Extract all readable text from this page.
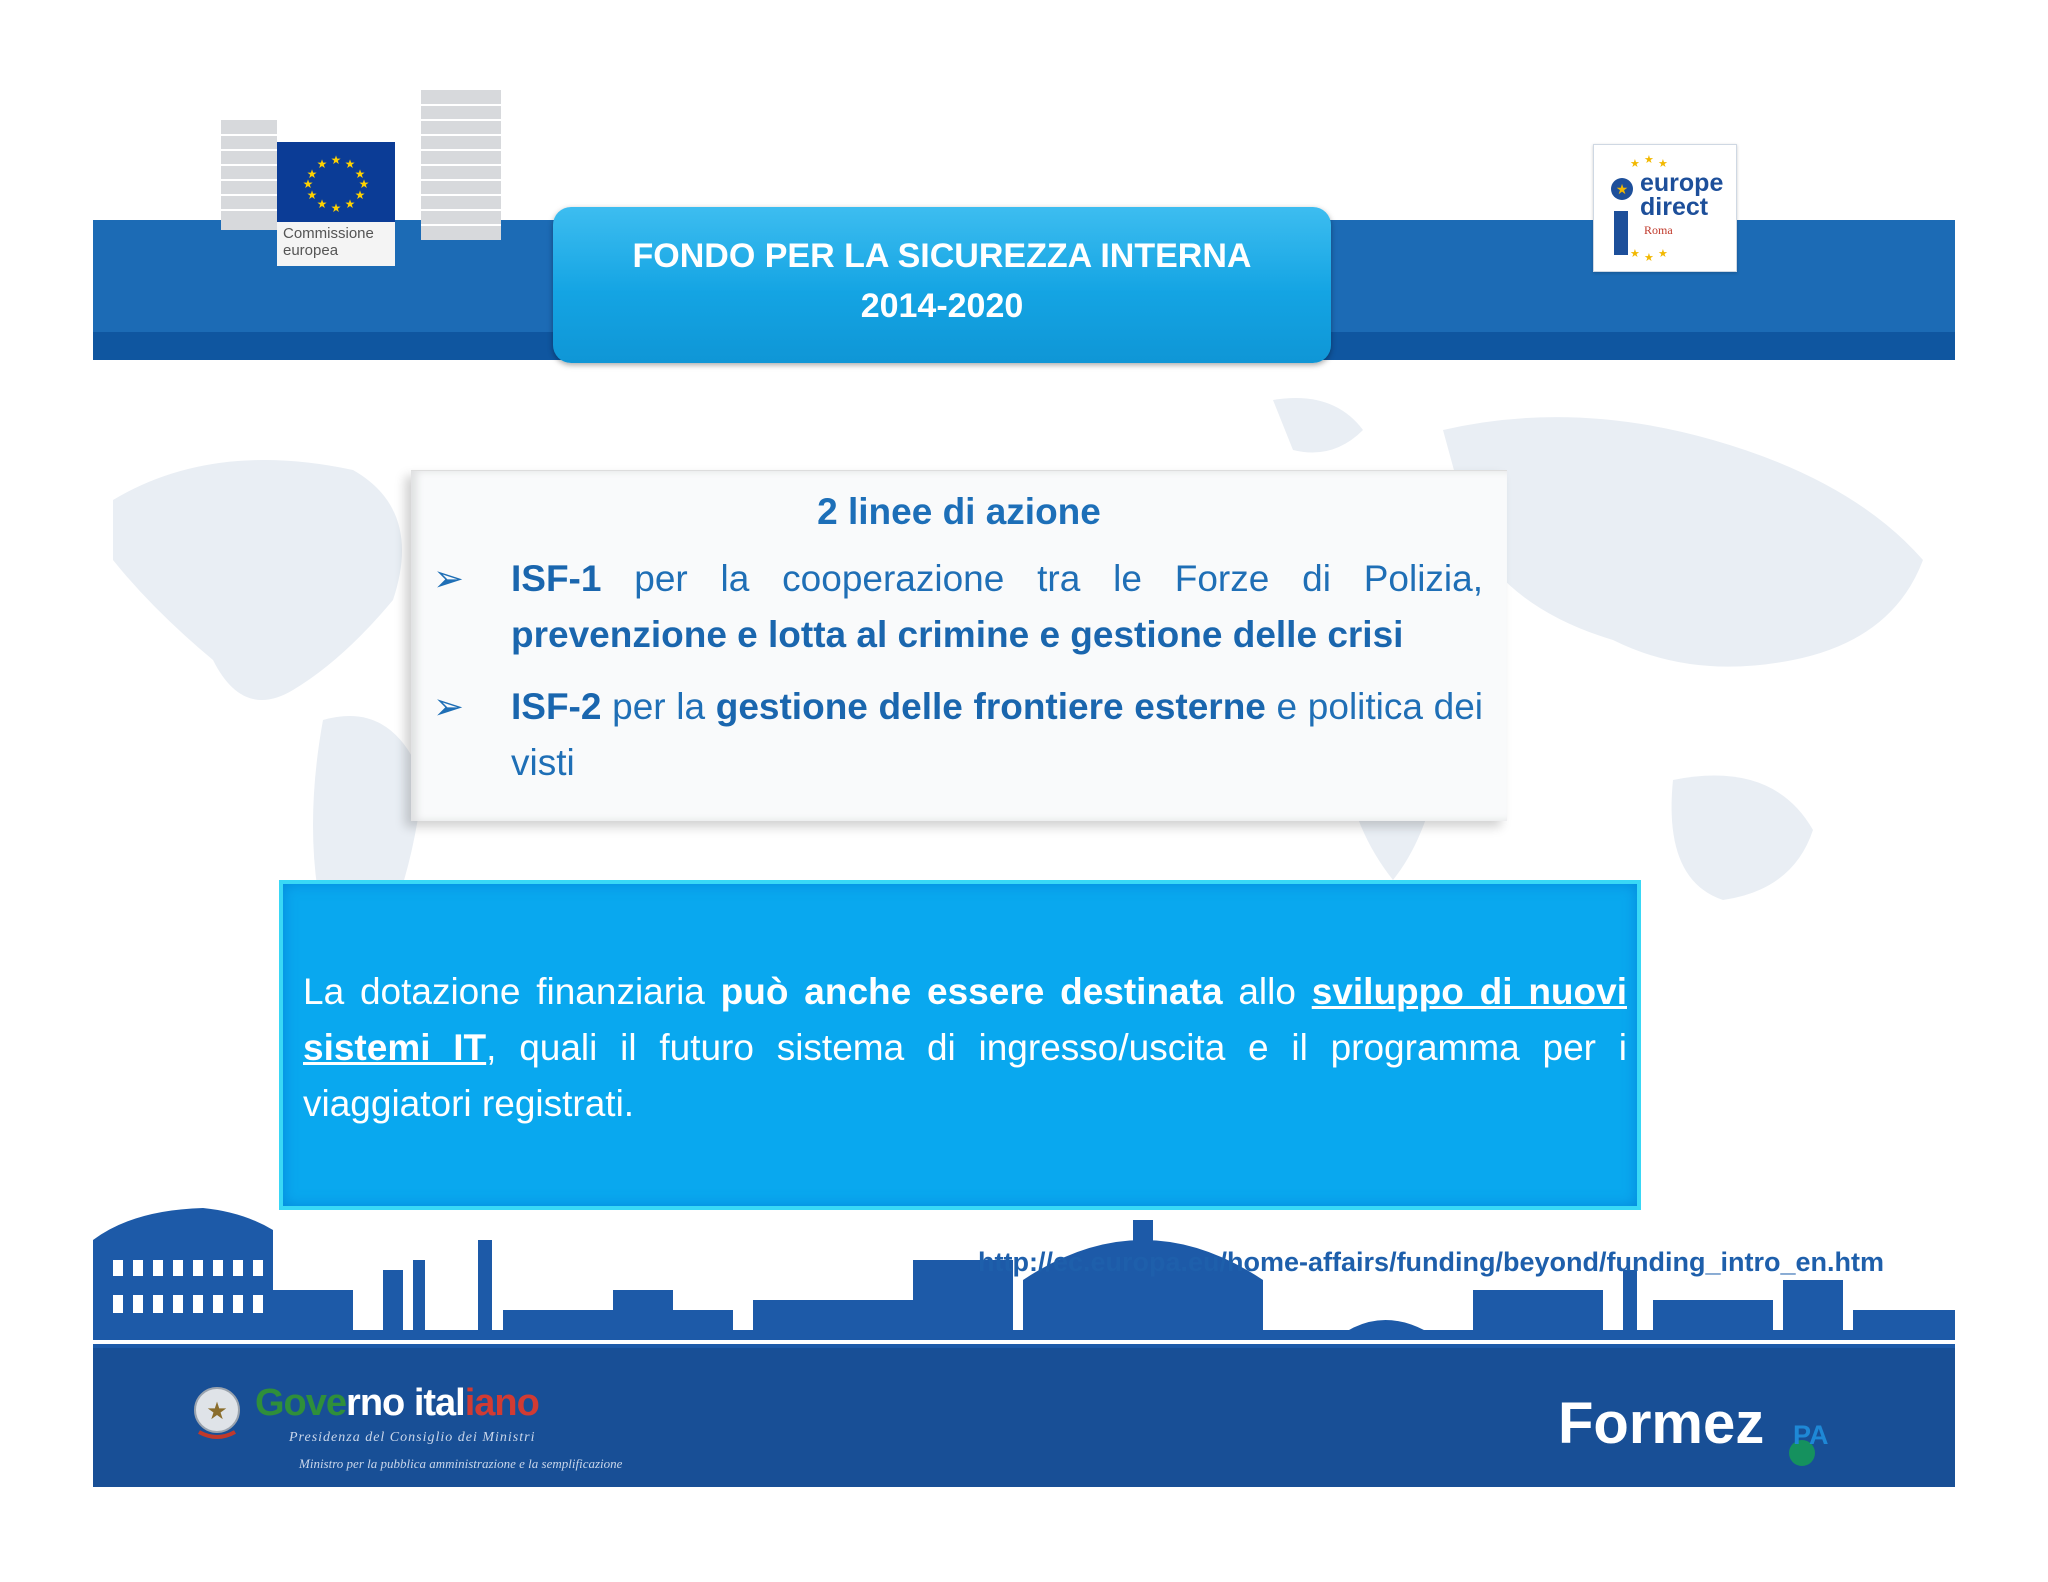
★ ★
★
★
★
★
★
★
★
★
★
★
Commissione
europea
★ ★ ★
★
★
★
★ europe
direct
Roma
FONDO PER LA SICUREZZA INTERNA
2014-2020
2 linee di azione
➢ ISF-1 per la cooperazione tra le Forze di Polizia, prevenzione e lotta al crimine e gestione delle crisi
➢ ISF-2 per la gestione delle frontiere esterne e politica dei visti
La dotazione finanziaria può anche essere destinata allo sviluppo di nuovi sistemi IT, quali il futuro sistema di ingresso/uscita e il programma per i viaggiatori registrati.
http://ec.europa.eu/home-affairs/funding/beyond/funding_intro_en.htm
★ Governo italiano
Presidenza del Consiglio dei Ministri
Ministro per la pubblica amministrazione e la semplificazione
Formez PA
